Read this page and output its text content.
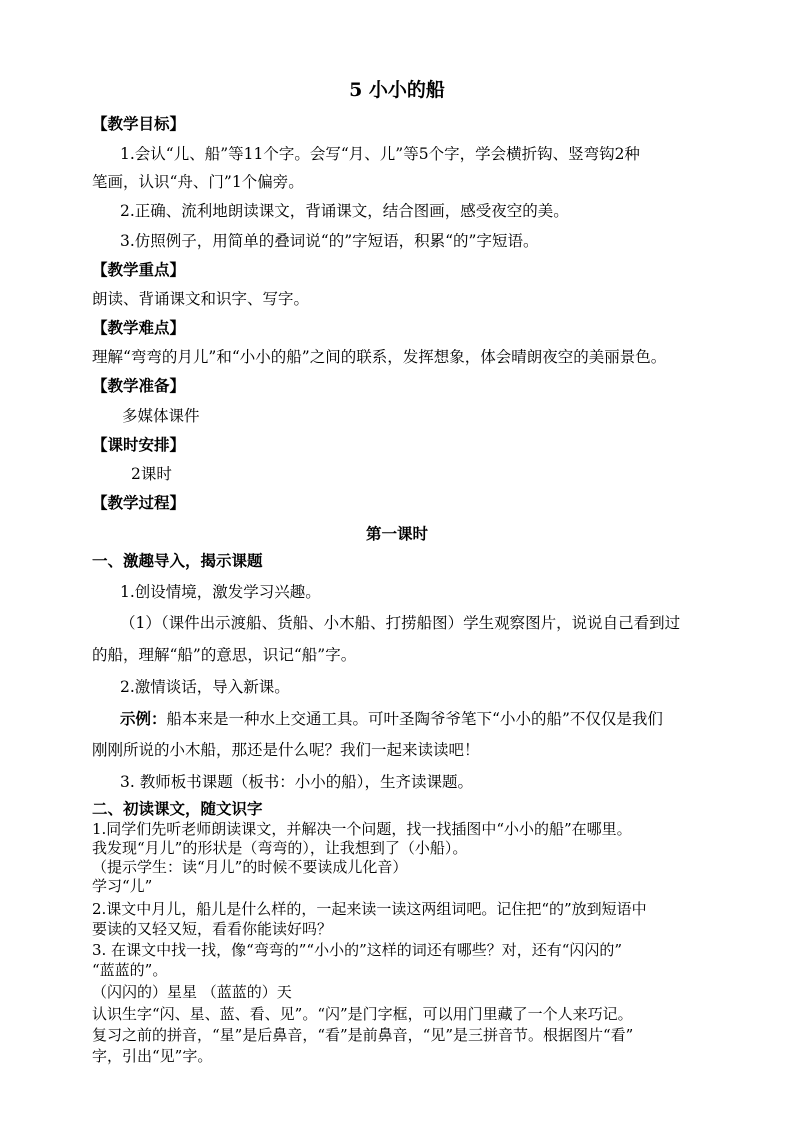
5 小小的船
【教学目标】
1.会认“儿、船”等11个字。会写“月、儿”等5个字，学会横折钩、竖弯钩2种
笔画，认识“舟、门”1个偏旁。
2.正确、流利地朗读课文，背诵课文，结合图画，感受夜空的美。
3.仿照例子，用简单的叠词说“的”字短语，积累“的”字短语。
【教学重点】
朗读、背诵课文和识字、写字。
【教学难点】
理解“弯弯的月儿”和“小小的船”之间的联系，发挥想象，体会晴朗夜空的美丽景色。
【教学准备】
多媒体课件
【课时安排】
2课时
【教学过程】
第一课时
一、激趣导入，揭示课题
1.创设情境，激发学习兴趣。
（1）（课件出示渡船、货船、小木船、打捞船图）学生观察图片，说说自己看到过
的船，理解“船”的意思，识记“船”字。
2.激情谈话，导入新课。
示例：船本来是一种水上交通工具。可叶圣陶爷爷笔下“小小的船”不仅仅是我们
刚刚所说的小木船，那还是什么呢？我们一起来读读吧！
3. 教师板书课题（板书：小小的船），生齐读课题。
二、初读课文，随文识字
1.同学们先听老师朗读课文，并解决一个问题，找一找插图中“小小的船”在哪里。
我发现“月儿”的形状是（弯弯的），让我想到了（小船）。
（提示学生：读“月儿”的时候不要读成儿化音）
学习“儿”
2.课文中月儿，船儿是什么样的，一起来读一读这两组词吧。记住把“的”放到短语中
要读的又轻又短，看看你能读好吗？
3. 在课文中找一找，像“弯弯的”“小小的”这样的词还有哪些？对，还有“闪闪的”
“蓝蓝的”。
（闪闪的）星星 （蓝蓝的）天
认识生字“闪、星、蓝、看、见”。“闪”是门字框，可以用门里藏了一个人来巧记。
复习之前的拼音，“星”是后鼻音，“看”是前鼻音，“见”是三拼音节。根据图片“看”
字，引出“见”字。
